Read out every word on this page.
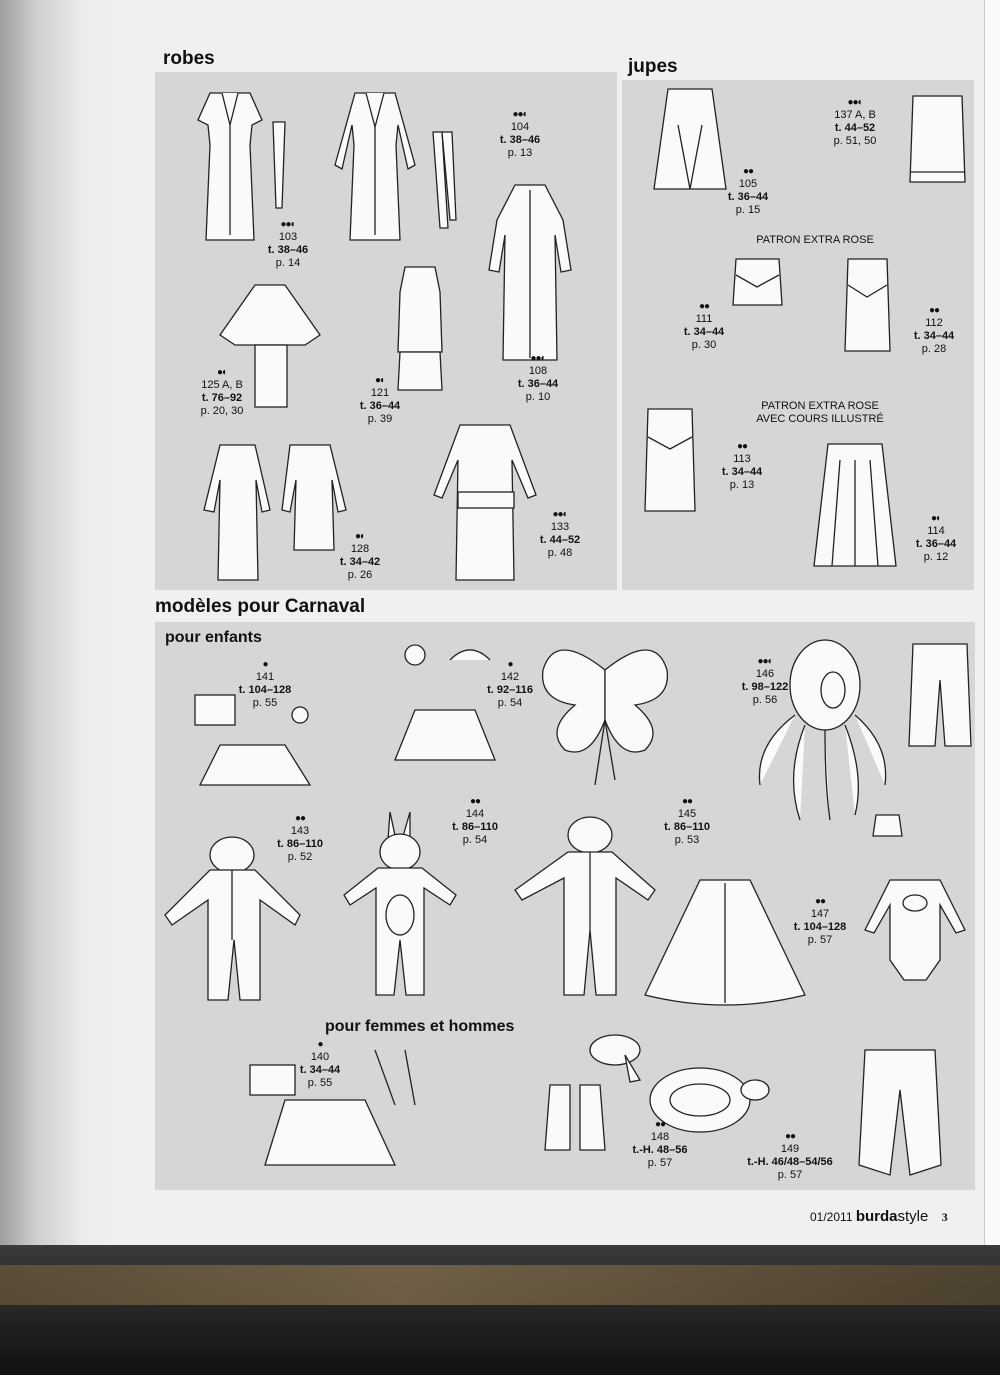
robes	jupes
modèles pour Carnaval
pour enfants
pour femmes et hommes
●●◐
103
t. 38–46
p. 14
●●◐
104
t. 38–46
p. 13
●◐
125 A, B
t. 76–92
p. 20, 30
●◐
121
t. 36–44
p. 39
●●◐
108
t. 36–44
p. 10
●◐
128
t. 34–42
p. 26
●●◐
133
t. 44–52
p. 48
●●◐
137 A, B
t. 44–52
p. 51, 50
●●
105
t. 36–44
p. 15
PATRON EXTRA ROSE
●●
111
t. 34–44
p. 30
●●
112
t. 34–44
p. 28
PATRON EXTRA ROSE
AVEC COURS ILLUSTRÉ
●●
113
t. 34–44
p. 13
●◐
114
t. 36–44
p. 12
●
141
t. 104–128
p. 55
●
142
t. 92–116
p. 54
●●◐
146
t. 98–122
p. 56
●●
143
t. 86–110
p. 52
●●
144
t. 86–110
p. 54
●●
145
t. 86–110
p. 53
●●
147
t. 104–128
p. 57
●
140
t. 34–44
p. 55
●●
148
t.-H. 48–56
p. 57
●●
149
t.-H. 46/48–54/56
p. 57
01/2011 burdastyle 3
